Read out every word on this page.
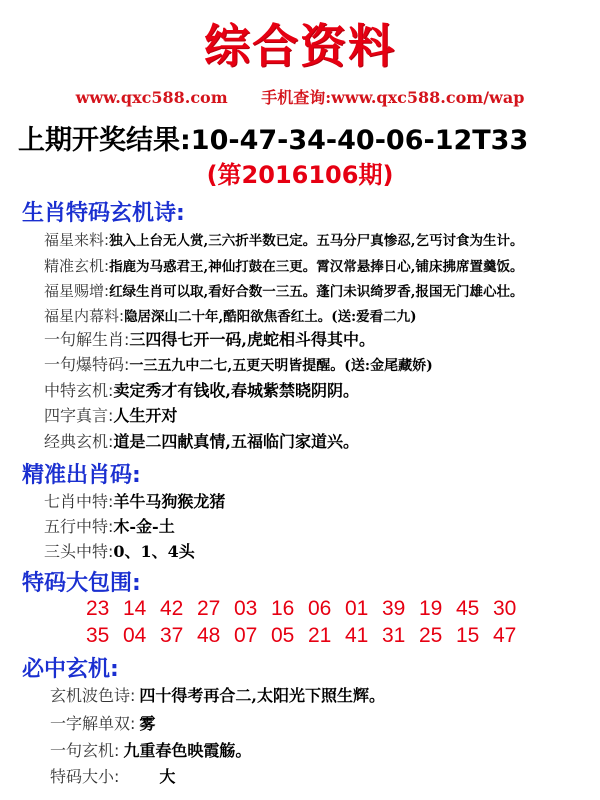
综合资料
www.qxc588.com 手机查询:www.qxc588.com/wap
上期开奖结果:10-47-34-40-06-12T33
(第2016106期)
生肖特码玄机诗:
福星来料:独入上台无人赏,三六折半数已定。五马分尸真惨忍,乞丐讨食为生计。
精准玄机:指鹿为马惑君王,神仙打鼓在三更。霄汉常悬捧日心,铺床拂席置羹饭。
福星赐增:红绿生肖可以取,看好合数一三五。蓬门未识绮罗香,报国无门雄心壮。
福星内幕料:隐居深山二十年,酷阳欲焦香红土。(送:爱看二九)
一句解生肖:三四得七开一码,虎蛇相斗得其中。
一句爆特码:一三五九中二七,五更天明皆提醒。(送:金尾藏娇)
中特玄机:卖定秀才有钱收,春城紫禁晓阴阴。
四字真言:人生开对
经典玄机:道是二四献真情,五福临门家道兴。
精准出肖码:
七肖中特:羊牛马狗猴龙猪
五行中特:木-金-土
三头中特:0、1、4头
特码大包围:
23 14 42 27 03 16 06 01 39 19 45 30
35 04 37 48 07 05 21 41 31 25 15 47
必中玄机:
玄机波色诗: 四十得考再合二,太阳光下照生辉。
一字解单双: 雾
一句玄机: 九重春色映霞觞。
特码大小:	大
